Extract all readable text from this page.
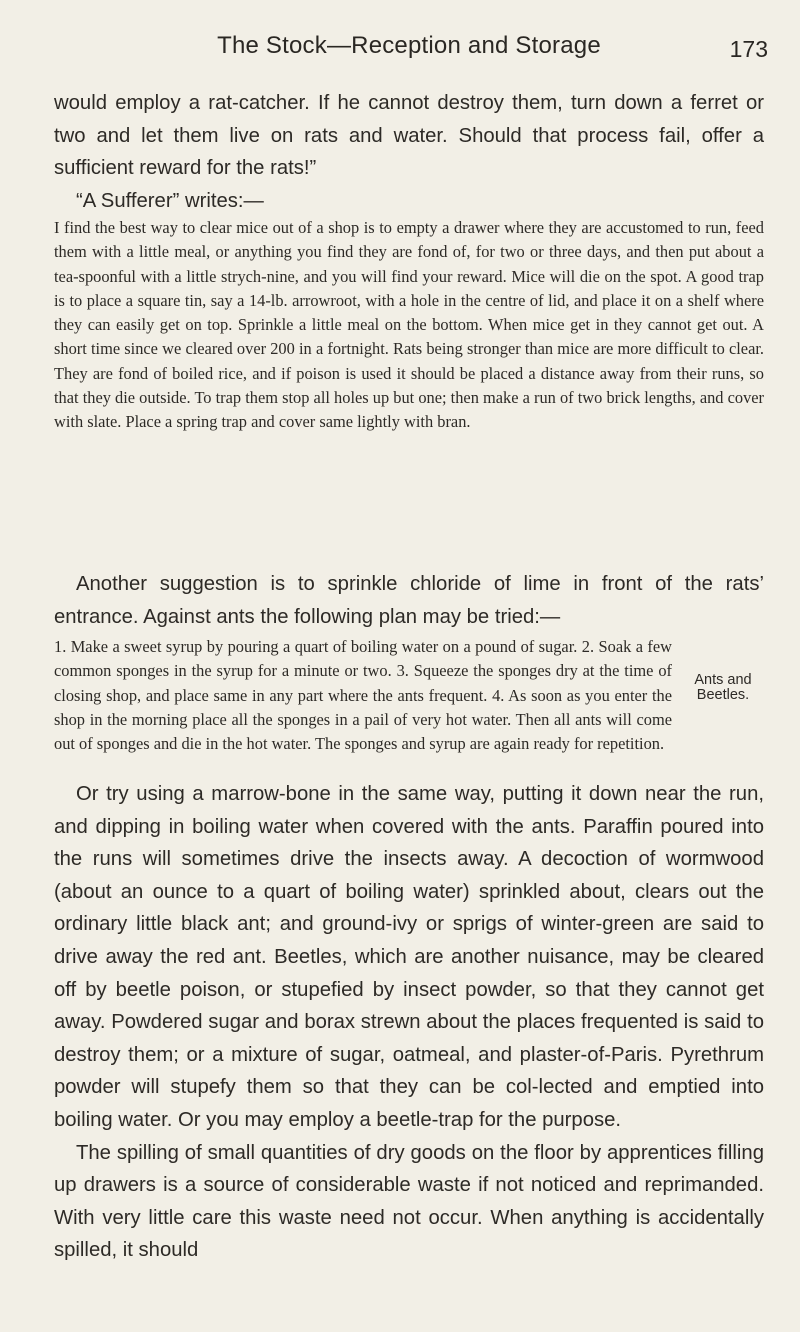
The Stock—Reception and Storage	173

would employ a rat-catcher. If he cannot destroy them, turn down a ferret or two and let them live on rats and water. Should that process fail, offer a sufficient reward for the rats!”

“A Sufferer” writes:—

I find the best way to clear mice out of a shop is to empty a drawer where they are accustomed to run, feed them with a little meal, or anything you find they are fond of, for two or three days, and then put about a tea-spoonful with a little strych-nine, and you will find your reward. Mice will die on the spot. A good trap is to place a square tin, say a 14-lb. arrowroot, with a hole in the centre of lid, and place it on a shelf where they can easily get on top. Sprinkle a little meal on the bottom. When mice get in they cannot get out. A short time since we cleared over 200 in a fortnight. Rats being stronger than mice are more difficult to clear. They are fond of boiled rice, and if poison is used it should be placed a distance away from their runs, so that they die outside. To trap them stop all holes up but one; then make a run of two brick lengths, and cover with slate. Place a spring trap and cover same lightly with bran.

Another suggestion is to sprinkle chloride of lime in front of the rats’ entrance. Against ants the following plan may be tried:—

1. Make a sweet syrup by pouring a quart of boiling water on a pound of sugar. 2. Soak a few common sponges in the syrup for a minute or two. 3. Squeeze the sponges dry at the time of closing shop, and place same in any part where the ants frequent. 4. As soon as you enter the shop in the morning place all the sponges in a pail of very hot water. Then all ants will come out of sponges and die in the hot water. The sponges and syrup are again ready for repetition.

Ants and
Beetles.

Or try using a marrow-bone in the same way, putting it down near the run, and dipping in boiling water when covered with the ants. Paraffin poured into the runs will sometimes drive the insects away. A decoction of wormwood (about an ounce to a quart of boiling water) sprinkled about, clears out the ordinary little black ant; and ground-ivy or sprigs of winter-green are said to drive away the red ant. Beetles, which are another nuisance, may be cleared off by beetle poison, or stupefied by insect powder, so that they cannot get away. Powdered sugar and borax strewn about the places frequented is said to destroy them; or a mixture of sugar, oatmeal, and plaster-of-Paris. Pyrethrum powder will stupefy them so that they can be col-lected and emptied into boiling water. Or you may employ a beetle-trap for the purpose.

The spilling of small quantities of dry goods on the floor by apprentices filling up drawers is a source of considerable waste if not noticed and reprimanded. With very little care this waste need not occur. When anything is accidentally spilled, it should
